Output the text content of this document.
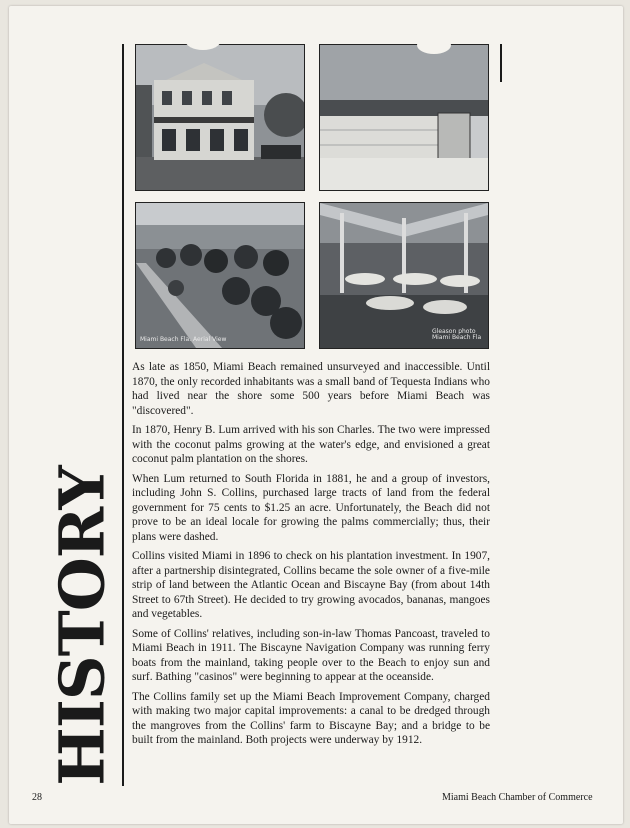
Miami Beach Fla. Aerial View
Gleason photo Miami Beach Fla
HISTORY

As late as 1850, Miami Beach remained unsurveyed and inaccessible. Until 1870, the only recorded inhabitants was a small band of Tequesta Indians who had lived near the shore some 500 years before Miami Beach was "discovered".

In 1870, Henry B. Lum arrived with his son Charles. The two were impressed with the coconut palms growing at the water's edge, and envisioned a great coconut palm plantation on the shores.

When Lum returned to South Florida in 1881, he and a group of investors, including John S. Collins, purchased large tracts of land from the federal government for 75 cents to $1.25 an acre. Unfortunately, the Beach did not prove to be an ideal locale for growing the palms commercially; thus, their plans were dashed.

Collins visited Miami in 1896 to check on his plantation investment. In 1907, after a partnership disintegrated, Collins became the sole owner of a five-mile strip of land between the Atlantic Ocean and Biscayne Bay (from about 14th Street to 67th Street). He decided to try growing avocados, bananas, mangoes and vegetables.

Some of Collins' relatives, including son-in-law Thomas Pancoast, traveled to Miami Beach in 1911. The Biscayne Navigation Company was running ferry boats from the mainland, taking people over to the Beach to enjoy sun and surf. Bathing "casinos" were beginning to appear at the oceanside.

The Collins family set up the Miami Beach Improvement Company, charged with making two major capital improvements: a canal to be dredged through the mangroves from the Collins' farm to Biscayne Bay; and a bridge to be built from the mainland. Both projects were underway by 1912.

28	Miami Beach Chamber of Commerce
